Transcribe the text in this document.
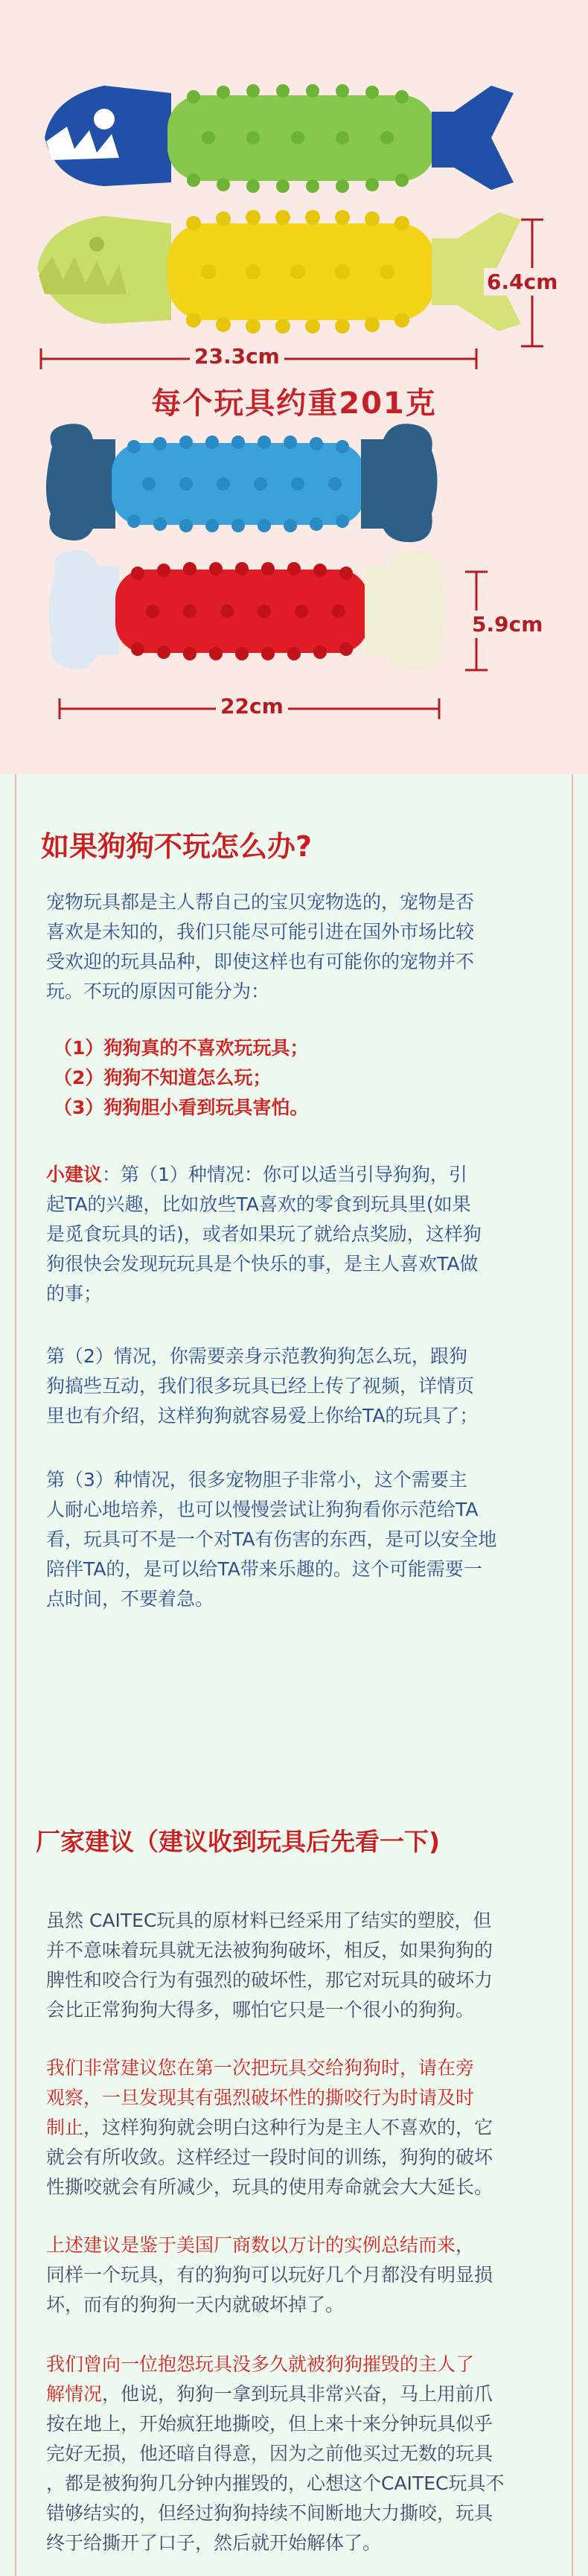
23.3cm
6.4cm
每个玩具约重201克
22cm
5.9cm
如果狗狗不玩怎么办?
宠物玩具都是主人帮自己的宝贝宠物选的，宠物是否
喜欢是未知的，我们只能尽可能引进在国外市场比较
受欢迎的玩具品种，即使这样也有可能你的宠物并不
玩。不玩的原因可能分为：
（1）狗狗真的不喜欢玩玩具；
（2）狗狗不知道怎么玩；
（3）狗狗胆小看到玩具害怕。
小建议：第（1）种情况：你可以适当引导狗狗，引
起TA的兴趣，比如放些TA喜欢的零食到玩具里(如果
是觅食玩具的话)，或者如果玩了就给点奖励，这样狗
狗很快会发现玩玩具是个快乐的事，是主人喜欢TA做
的事；
第（2）情况，你需要亲身示范教狗狗怎么玩，跟狗
狗搞些互动，我们很多玩具已经上传了视频，详情页
里也有介绍，这样狗狗就容易爱上你给TA的玩具了；
第（3）种情况，很多宠物胆子非常小，这个需要主
人耐心地培养，也可以慢慢尝试让狗狗看你示范给TA
看，玩具可不是一个对TA有伤害的东西，是可以安全地
陪伴TA的，是可以给TA带来乐趣的。这个可能需要一
点时间，不要着急。
厂家建议（建议收到玩具后先看一下)
虽然 CAITEC玩具的原材料已经采用了结实的塑胶，但
并不意味着玩具就无法被狗狗破坏，相反，如果狗狗的
脾性和咬合行为有强烈的破坏性，那它对玩具的破坏力
会比正常狗狗大得多，哪怕它只是一个很小的狗狗。
我们非常建议您在第一次把玩具交给狗狗时，请在旁
观察，一旦发现其有强烈破坏性的撕咬行为时请及时
制止，这样狗狗就会明白这种行为是主人不喜欢的，它
就会有所收敛。这样经过一段时间的训练，狗狗的破坏
性撕咬就会有所减少，玩具的使用寿命就会大大延长。
上述建议是鉴于美国厂商数以万计的实例总结而来，
同样一个玩具，有的狗狗可以玩好几个月都没有明显损
坏，而有的狗狗一天内就破坏掉了。
我们曾向一位抱怨玩具没多久就被狗狗摧毁的主人了
解情况，他说，狗狗一拿到玩具非常兴奋，马上用前爪
按在地上，开始疯狂地撕咬，但上来十来分钟玩具似乎
完好无损，他还暗自得意，因为之前他买过无数的玩具
，都是被狗狗几分钟内摧毁的，心想这个CAITEC玩具不
错够结实的，但经过狗狗持续不间断地大力撕咬，玩具
终于给撕开了口子，然后就开始解体了。
